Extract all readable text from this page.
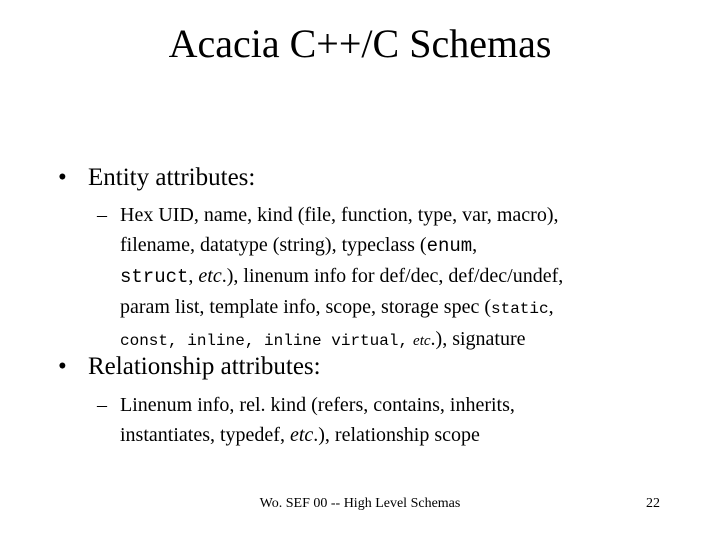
Acacia C++/C Schemas
• Entity attributes:
– Hex UID, name, kind (file, function, type, var, macro),
filename, datatype (string), typeclass (enum,
struct, etc.), linenum info for def/dec, def/dec/undef,
param list, template info, scope, storage spec (static,
const, inline, inline virtual, etc.), signature
• Relationship attributes:
– Linenum info, rel. kind (refers, contains, inherits,
instantiates, typedef, etc.), relationship scope
Wo. SEF 00 -- High Level Schemas	22
